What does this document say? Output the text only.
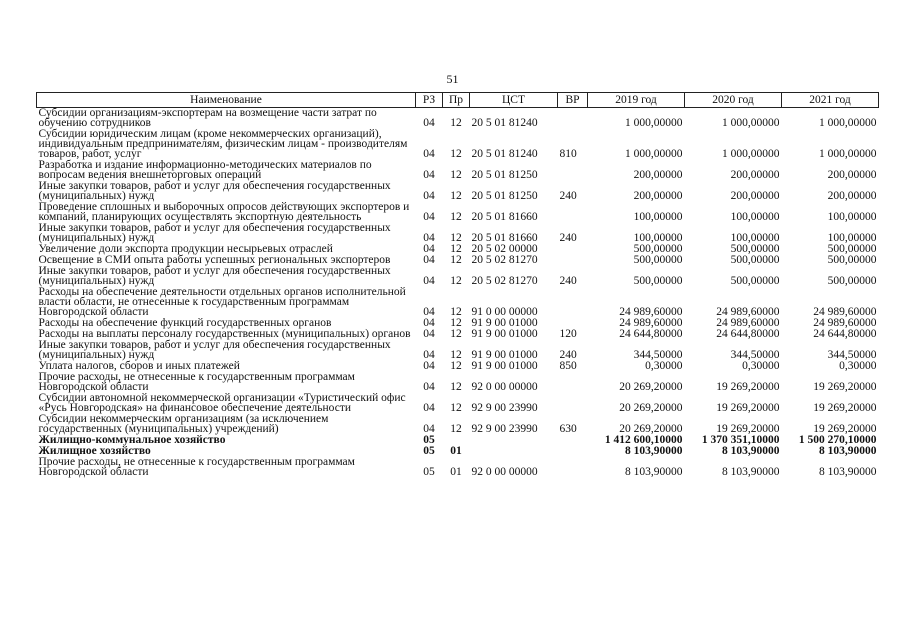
51
Наименование	РЗ	Пр	ЦСТ	ВР	2019 год	2020 год	2021 год
Субсидии организациям-экспортерам на возмещение части затрат по обучению сотрудников	04	12	20 5 01 81240		1 000,00000	1 000,00000	1 000,00000
Субсидии юридическим лицам (кроме некоммерческих организаций), индивидуальным предпринимателям, физическим лицам - производителям товаров, работ, услуг	04	12	20 5 01 81240	810	1 000,00000	1 000,00000	1 000,00000
Разработка и издание информационно-методических материалов по вопросам ведения внешнеторговых операций	04	12	20 5 01 81250		200,00000	200,00000	200,00000
Иные закупки товаров, работ и услуг для обеспечения государственных (муниципальных) нужд	04	12	20 5 01 81250	240	200,00000	200,00000	200,00000
Проведение сплошных и выборочных опросов действующих экспортеров и компаний, планирующих осуществлять экспортную деятельность	04	12	20 5 01 81660		100,00000	100,00000	100,00000
Иные закупки товаров, работ и услуг для обеспечения государственных (муниципальных) нужд	04	12	20 5 01 81660	240	100,00000	100,00000	100,00000
Увеличение доли экспорта продукции несырьевых отраслей	04	12	20 5 02 00000		500,00000	500,00000	500,00000
Освещение в СМИ опыта работы успешных региональных экспортеров	04	12	20 5 02 81270		500,00000	500,00000	500,00000
Иные закупки товаров, работ и услуг для обеспечения государственных (муниципальных) нужд	04	12	20 5 02 81270	240	500,00000	500,00000	500,00000
Расходы на обеспечение деятельности отдельных органов исполнительной власти области, не отнесенные к государственным программам Новгородской области	04	12	91 0 00 00000		24 989,60000	24 989,60000	24 989,60000
Расходы на обеспечение функций государственных органов	04	12	91 9 00 01000		24 989,60000	24 989,60000	24 989,60000
Расходы на выплаты персоналу государственных (муниципальных) органов	04	12	91 9 00 01000	120	24 644,80000	24 644,80000	24 644,80000
Иные закупки товаров, работ и услуг для обеспечения государственных (муниципальных) нужд	04	12	91 9 00 01000	240	344,50000	344,50000	344,50000
Уплата налогов, сборов и иных платежей	04	12	91 9 00 01000	850	0,30000	0,30000	0,30000
Прочие расходы, не отнесенные к государственным программам Новгородской области	04	12	92 0 00 00000		20 269,20000	19 269,20000	19 269,20000
Субсидии автономной некоммерческой организации «Туристический офис «Русь Новгородская» на финансовое обеспечение деятельности	04	12	92 9 00 23990		20 269,20000	19 269,20000	19 269,20000
Субсидии некоммерческим организациям (за исключением государственных (муниципальных) учреждений)	04	12	92 9 00 23990	630	20 269,20000	19 269,20000	19 269,20000
Жилищно-коммунальное хозяйство	05				1 412 600,10000	1 370 351,10000	1 500 270,10000
Жилищное хозяйство	05	01			8 103,90000	8 103,90000	8 103,90000
Прочие расходы, не отнесенные к государственным программам Новгородской области	05	01	92 0 00 00000		8 103,90000	8 103,90000	8 103,90000
